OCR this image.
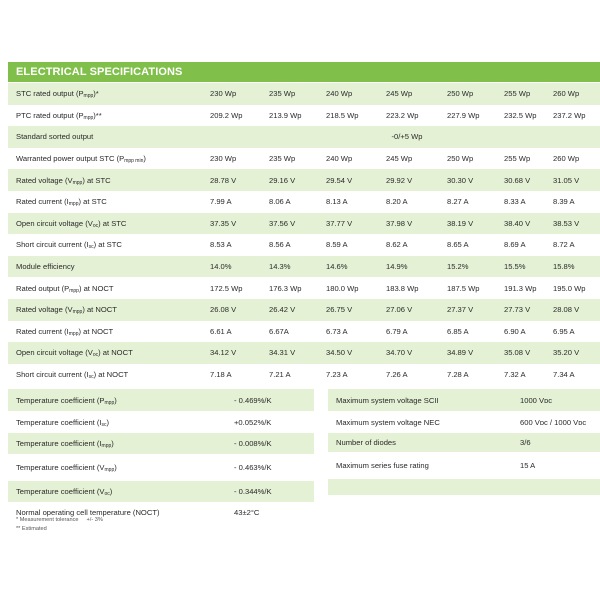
ELECTRICAL SPECIFICATIONS
STC rated output (Pmpp)*	230 Wp	235 Wp	240 Wp	245 Wp	250 Wp	255 Wp	260 Wp
PTC rated output (Pmpp)**	209.2 Wp	213.9 Wp	218.5 Wp	223.2 Wp	227.9 Wp	232.5 Wp	237.2 Wp
Standard sorted output	-0/+5 Wp						
Warranted power output STC (Pmpp min)	230 Wp	235 Wp	240 Wp	245 Wp	250 Wp	255 Wp	260 Wp
Rated voltage (Vmpp) at STC	28.78 V	29.16 V	29.54 V	29.92 V	30.30 V	30.68 V	31.05 V
Rated current (Impp) at STC	7.99 A	8.06 A	8.13 A	8.20 A	8.27 A	8.33 A	8.39 A
Open circuit voltage (Voc) at STC	37.35 V	37.56 V	37.77 V	37.98 V	38.19 V	38.40 V	38.53 V
Short circuit current (Isc) at STC	8.53 A	8.56 A	8.59 A	8.62 A	8.65 A	8.69 A	8.72 A
Module efficiency	14.0%	14.3%	14.6%	14.9%	15.2%	15.5%	15.8%
Rated output (Pmpp) at NOCT	172.5 Wp	176.3 Wp	180.0 Wp	183.8 Wp	187.5 Wp	191.3 Wp	195.0 Wp
Rated voltage (Vmpp) at NOCT	26.08 V	26.42 V	26.75 V	27.06 V	27.37 V	27.73 V	28.08 V
Rated current (Impp) at NOCT	6.61 A	6.67A	6.73 A	6.79 A	6.85 A	6.90 A	6.95 A
Open circuit voltage (Voc) at NOCT	34.12 V	34.31 V	34.50 V	34.70 V	34.89 V	35.08 V	35.20 V
Short circuit current (Isc) at NOCT	7.18 A	7.21 A	7.23 A	7.26 A	7.28 A	7.32 A	7.34 A
Temperature coefficient (Pmpp)	- 0.469%/K
Temperature coefficient (Isc)	+0.052%/K
Temperature coefficient (Impp)	- 0.008%/K
Temperature coefficient (Vmpp)	- 0.463%/K
Temperature coefficient (Voc)	- 0.344%/K
Normal operating cell temperature (NOCT)	43±2°C
Maximum system voltage SCII	1000 Vᴅᴄ
Maximum system voltage NEC	600 Vᴅᴄ / 1000 Vᴅᴄ
Number of diodes	3/6
Maximum series fuse rating	15 A

* Measurement tolerance +/- 3%
** Estimated
